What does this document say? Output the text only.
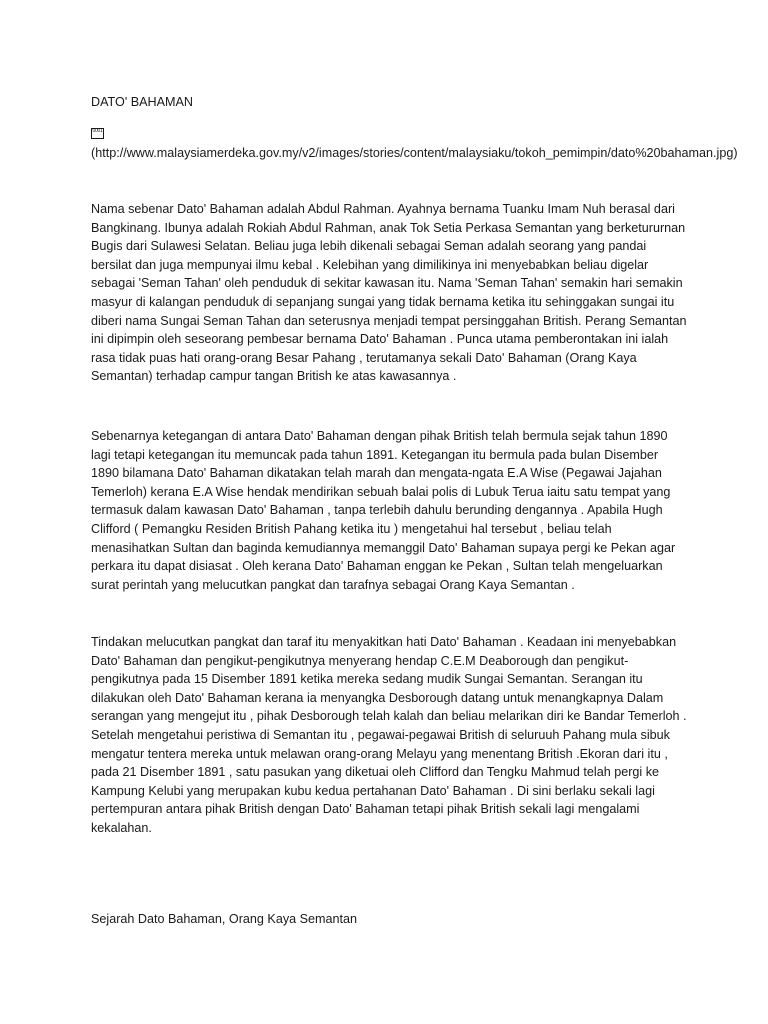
DATO' BAHAMAN
0001(http://www.malaysiamerdeka.gov.my/v2/images/stories/content/malaysiaku/tokoh_pemimpin/dato%20bahaman.jpg)
Nama sebenar Dato' Bahaman adalah Abdul Rahman. Ayahnya bernama Tuanku Imam Nuh berasal dari Bangkinang. Ibunya adalah Rokiah Abdul Rahman, anak Tok Setia Perkasa Semantan yang berketururnan Bugis dari Sulawesi Selatan. Beliau juga lebih dikenali sebagai Seman adalah seorang yang pandai bersilat dan juga mempunyai ilmu kebal . Kelebihan yang dimilikinya ini menyebabkan beliau digelar sebagai 'Seman Tahan' oleh penduduk di sekitar kawasan itu. Nama 'Seman Tahan' semakin hari semakin masyur di kalangan penduduk di sepanjang sungai yang tidak bernama ketika itu sehinggakan sungai itu diberi nama Sungai Seman Tahan dan seterusnya menjadi tempat persinggahan British. Perang Semantan ini dipimpin oleh seseorang pembesar bernama Dato' Bahaman . Punca utama pemberontakan ini ialah rasa tidak puas hati orang-orang Besar Pahang , terutamanya sekali Dato' Bahaman (Orang Kaya Semantan) terhadap campur tangan British ke atas kawasannya .
Sebenarnya ketegangan di antara Dato' Bahaman dengan pihak British telah bermula sejak tahun 1890 lagi tetapi ketegangan itu memuncak pada tahun 1891. Ketegangan itu bermula pada bulan Disember 1890 bilamana Dato' Bahaman dikatakan telah marah dan mengata-ngata E.A Wise (Pegawai Jajahan Temerloh) kerana E.A Wise hendak mendirikan sebuah balai polis di Lubuk Terua iaitu satu tempat yang termasuk dalam kawasan Dato' Bahaman , tanpa terlebih dahulu berunding dengannya . Apabila Hugh Clifford ( Pemangku Residen British Pahang ketika itu ) mengetahui hal tersebut , beliau telah menasihatkan Sultan dan baginda kemudiannya memanggil Dato' Bahaman supaya pergi ke Pekan agar perkara itu dapat disiasat . Oleh kerana Dato' Bahaman enggan ke Pekan , Sultan telah mengeluarkan surat perintah yang melucutkan pangkat dan tarafnya sebagai Orang Kaya Semantan .
Tindakan melucutkan pangkat dan taraf itu menyakitkan hati Dato' Bahaman . Keadaan ini menyebabkan Dato' Bahaman dan pengikut-pengikutnya menyerang hendap C.E.M Deaborough dan pengikut-pengikutnya pada 15 Disember 1891 ketika mereka sedang mudik Sungai Semantan. Serangan itu dilakukan oleh Dato' Bahaman kerana ia menyangka Desborough datang untuk menangkapnya Dalam serangan yang mengejut itu , pihak Desborough telah kalah dan beliau melarikan diri ke Bandar Temerloh . Setelah mengetahui peristiwa di Semantan itu , pegawai-pegawai British di seluruuh Pahang mula sibuk mengatur tentera mereka untuk melawan orang-orang Melayu yang menentang British .Ekoran dari itu , pada 21 Disember 1891 , satu pasukan yang diketuai oleh Clifford dan Tengku Mahmud telah pergi ke Kampung Kelubi yang merupakan kubu kedua pertahanan Dato' Bahaman . Di sini berlaku sekali lagi pertempuran antara pihak British dengan Dato' Bahaman tetapi pihak British sekali lagi mengalami kekalahan.
Sejarah Dato Bahaman, Orang Kaya Semantan
